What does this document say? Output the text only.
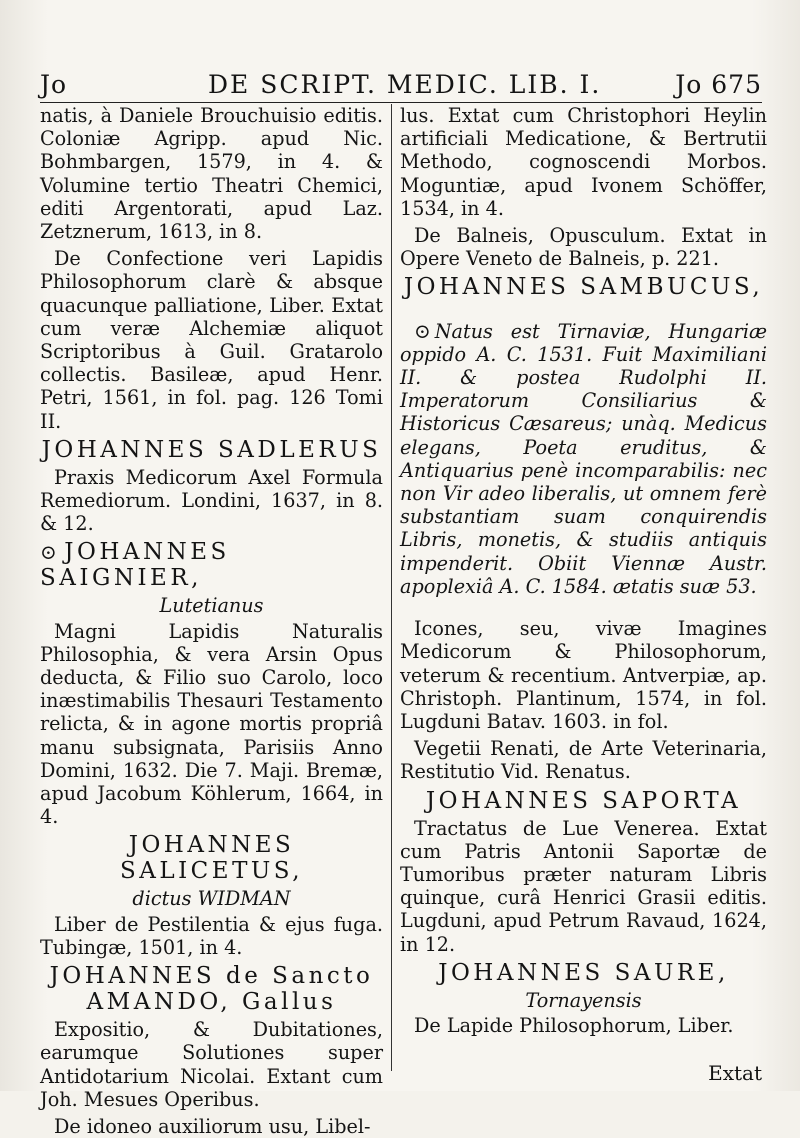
Jo	DE SCRIPT. MEDIC. LIB. I.	Jo 675

natis, à Daniele Brouchuisio editis. Coloniæ Agripp. apud Nic. Bohmbargen, 1579, in 4. & Volumine tertio Theatri Chemici, editi Argentorati, apud Laz. Zetznerum, 1613, in 8.

De Confectione veri Lapidis Philosophorum clarè & absque quacunque palliatione, Liber. Extat cum veræ Alchemiæ aliquot Scriptoribus à Guil. Gratarolo collectis. Basileæ, apud Henr. Petri, 1561, in fol. pag. 126 Tomi II.

JOHANNES SADLERUS

Praxis Medicorum Axel Formula Remediorum. Londini, 1637, in 8. & 12.

⊙ JOHANNES SAIGNIER,
Lutetianus

Magni Lapidis Naturalis Philosophia, & vera Arsin Opus deducta, & Filio suo Carolo, loco inæstimabilis Thesauri Testamento relicta, & in agone mortis propriâ manu subsignata, Parisiis Anno Domini, 1632. Die 7. Maji. Bremæ, apud Jacobum Köhlerum, 1664, in 4.

JOHANNES SALICETUS,
dictus WIDMAN

Liber de Pestilentia & ejus fuga. Tubingæ, 1501, in 4.

JOHANNES de Sancto AMANDO, Gallus

Expositio, & Dubitationes, earumque Solutiones super Antidotarium Nicolai. Extant cum Joh. Mesues Operibus.

De idoneo auxiliorum usu, Libel-

lus. Extat cum Christophori Heylin artificiali Medicatione, & Bertrutii Methodo, cognoscendi Morbos. Moguntiæ, apud Ivonem Schöffer, 1534, in 4.

De Balneis, Opusculum. Extat in Opere Veneto de Balneis, p. 221.

JOHANNES SAMBUCUS,

⊙ Natus est Tirnaviæ, Hungariæ oppido A. C. 1531. Fuit Maximiliani II. & postea Rudolphi II. Imperatorum Consiliarius & Historicus Cæsareus; unàq. Medicus elegans, Poeta eruditus, & Antiquarius penè incomparabilis: nec non Vir adeo liberalis, ut omnem ferè substantiam suam conquirendis Libris, monetis, & studiis antiquis impenderit. Obiit Viennæ Austr. apoplexiâ A. C. 1584. ætatis suæ 53.

Icones, seu, vivæ Imagines Medicorum & Philosophorum, veterum & recentium. Antverpiæ, ap. Christoph. Plantinum, 1574, in fol. Lugduni Batav. 1603. in fol.

Vegetii Renati, de Arte Veterinaria, Restitutio Vid. Renatus.

JOHANNES SAPORTA

Tractatus de Lue Venerea. Extat cum Patris Antonii Saportæ de Tumoribus præter naturam Libris quinque, curâ Henrici Grasii editis. Lugduni, apud Petrum Ravaud, 1624, in 12.

JOHANNES SAURE,
Tornayensis

De Lapide Philosophorum, Liber.

Extat
